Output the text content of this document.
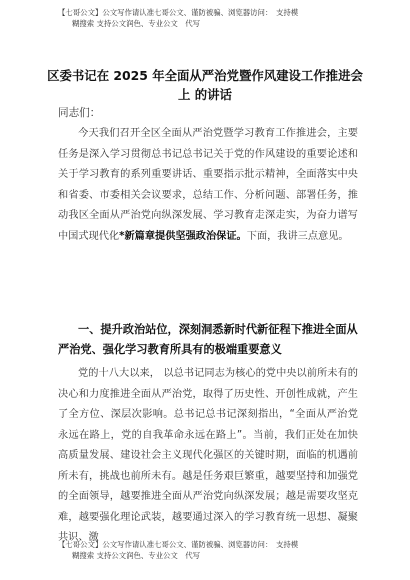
【七哥公文】公文写作请认准七哥公文、谨防被骗、浏览器访问：　支持模
糊搜索 支持公文润色、专业公文　代写
区委书记在 2025 年全面从严治党暨作风建设工作推进会上 的讲话
同志们：
今天我们召开全区全面从严治党暨学习教育工作推进会，主要任务是深入学习贯彻总书记总书记关于党的作风建设的重要论述和关于学习教育的系列重要讲话、重要指示批示精神，全面落实中央和省委、市委相关会议要求，总结工作、分析问题、部署任务，推动我区全面从严治党向纵深发展、学习教育走深走实，为奋力谱写中国式现代化*新篇章提供坚强政治保证。下面，我讲三点意见。
一、提升政治站位，深刻洞悉新时代新征程下推进全面从严治党、强化学习教育所具有的极端重要意义
党的十八大以来， 以总书记同志为核心的党中央以前所未有的决心和力度推进全面从严治党，取得了历史性、开创性成就，产生了全方位、深层次影响。总书记总书记深刻指出，“全面从严治党永远在路上，党的自我革命永远在路上”。当前，我们正处在加快高质量发展、建设社会主义现代化强区的关键时期，面临的机遇前所未有，挑战也前所未有。越是任务艰巨繁重，越要坚持和加强党的全面领导，越要推进全面从严治党向纵深发展；越是需要攻坚克难，越要强化理论武装，越要通过深入的学习教育统一思想、凝聚共识、激
【七哥公文】公文写作请认准七哥公文、谨防被骗、浏览器访问：　支持模
糊搜索 支持公文润色、专业公文　代写
